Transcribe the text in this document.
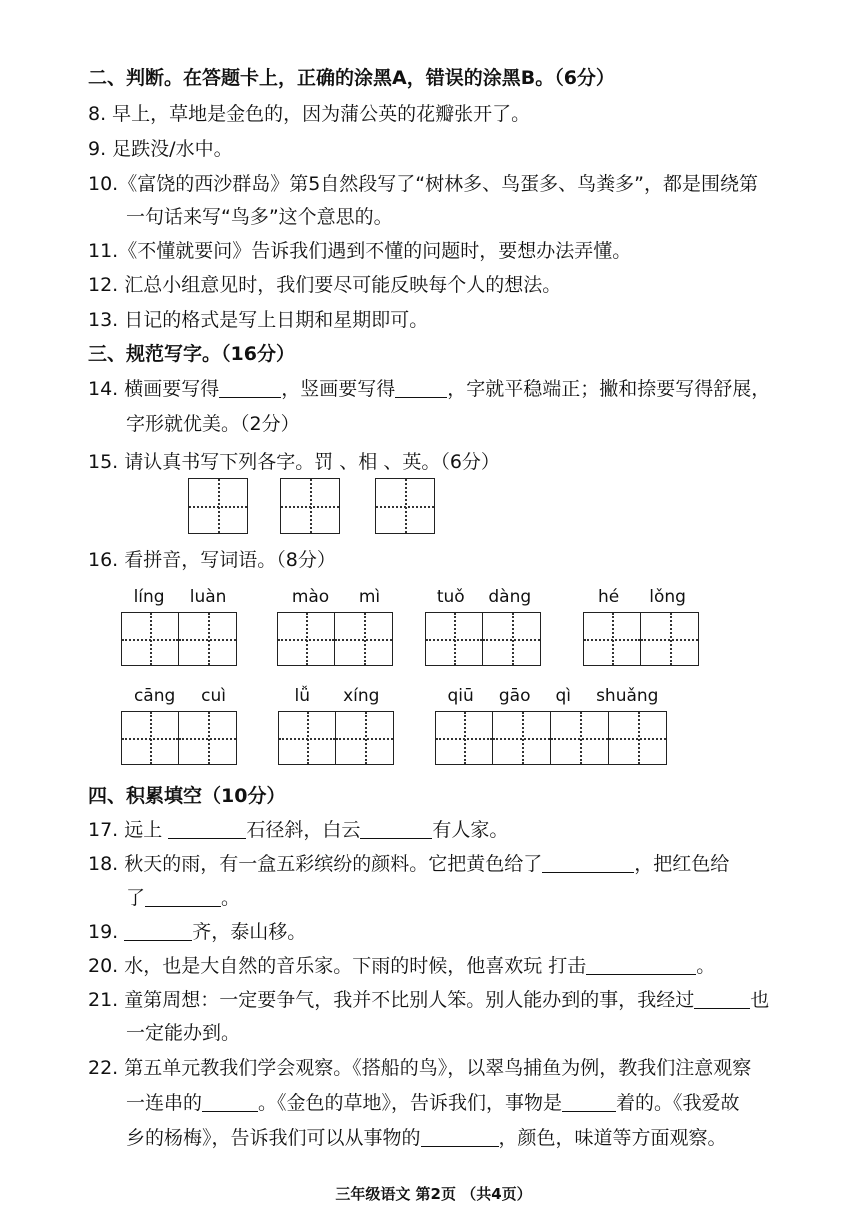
二、判断。在答题卡上，正确的涂黑A，错误的涂黑B。（6分）
8. 早上，草地是金色的，因为蒲公英的花瓣张开了。
9. 足跌没/水中。
10.《富饶的西沙群岛》第5自然段写了“树林多、鸟蛋多、鸟粪多”，都是围绕第
一句话来写“鸟多”这个意思的。
11.《不懂就要问》告诉我们遇到不懂的问题时，要想办法弄懂。
12. 汇总小组意见时，我们要尽可能反映每个人的想法。
13. 日记的格式是写上日期和星期即可。
三、规范写字。（16分）
14. 横画要写得	，竖画要写得	，字就平稳端正；撇和捺要写得舒展，
字形就优美。（2分）
15. 请认真书写下列各字。罚 、相 、英。（6分）
16. 看拼音，写词语。（8分）
líng luàn	mào mì	tuǒ dàng	hé lǒng
cāng cuì	lǚ xíng	qiū gāo qì shuǎng
四、积累填空（10分）
17. 远上	石径斜，白云	有人家。
18. 秋天的雨，有一盒五彩缤纷的颜料。它把黄色给了	，把红色给
了	。
19.	齐，泰山移。
20. 水，也是大自然的音乐家。下雨的时候，他喜欢玩 打击	。
21. 童第周想：一定要争气，我并不比别人笨。别人能办到的事，我经过	也
一定能办到。
22. 第五单元教我们学会观察。《搭船的鸟》，以翠鸟捕鱼为例，教我们注意观察
一连串的	。《金色的草地》，告诉我们，事物是	着的。《我爱故
乡的杨梅》，告诉我们可以从事物的	，颜色，味道等方面观察。
三年级语文 第2页 （共4页）
